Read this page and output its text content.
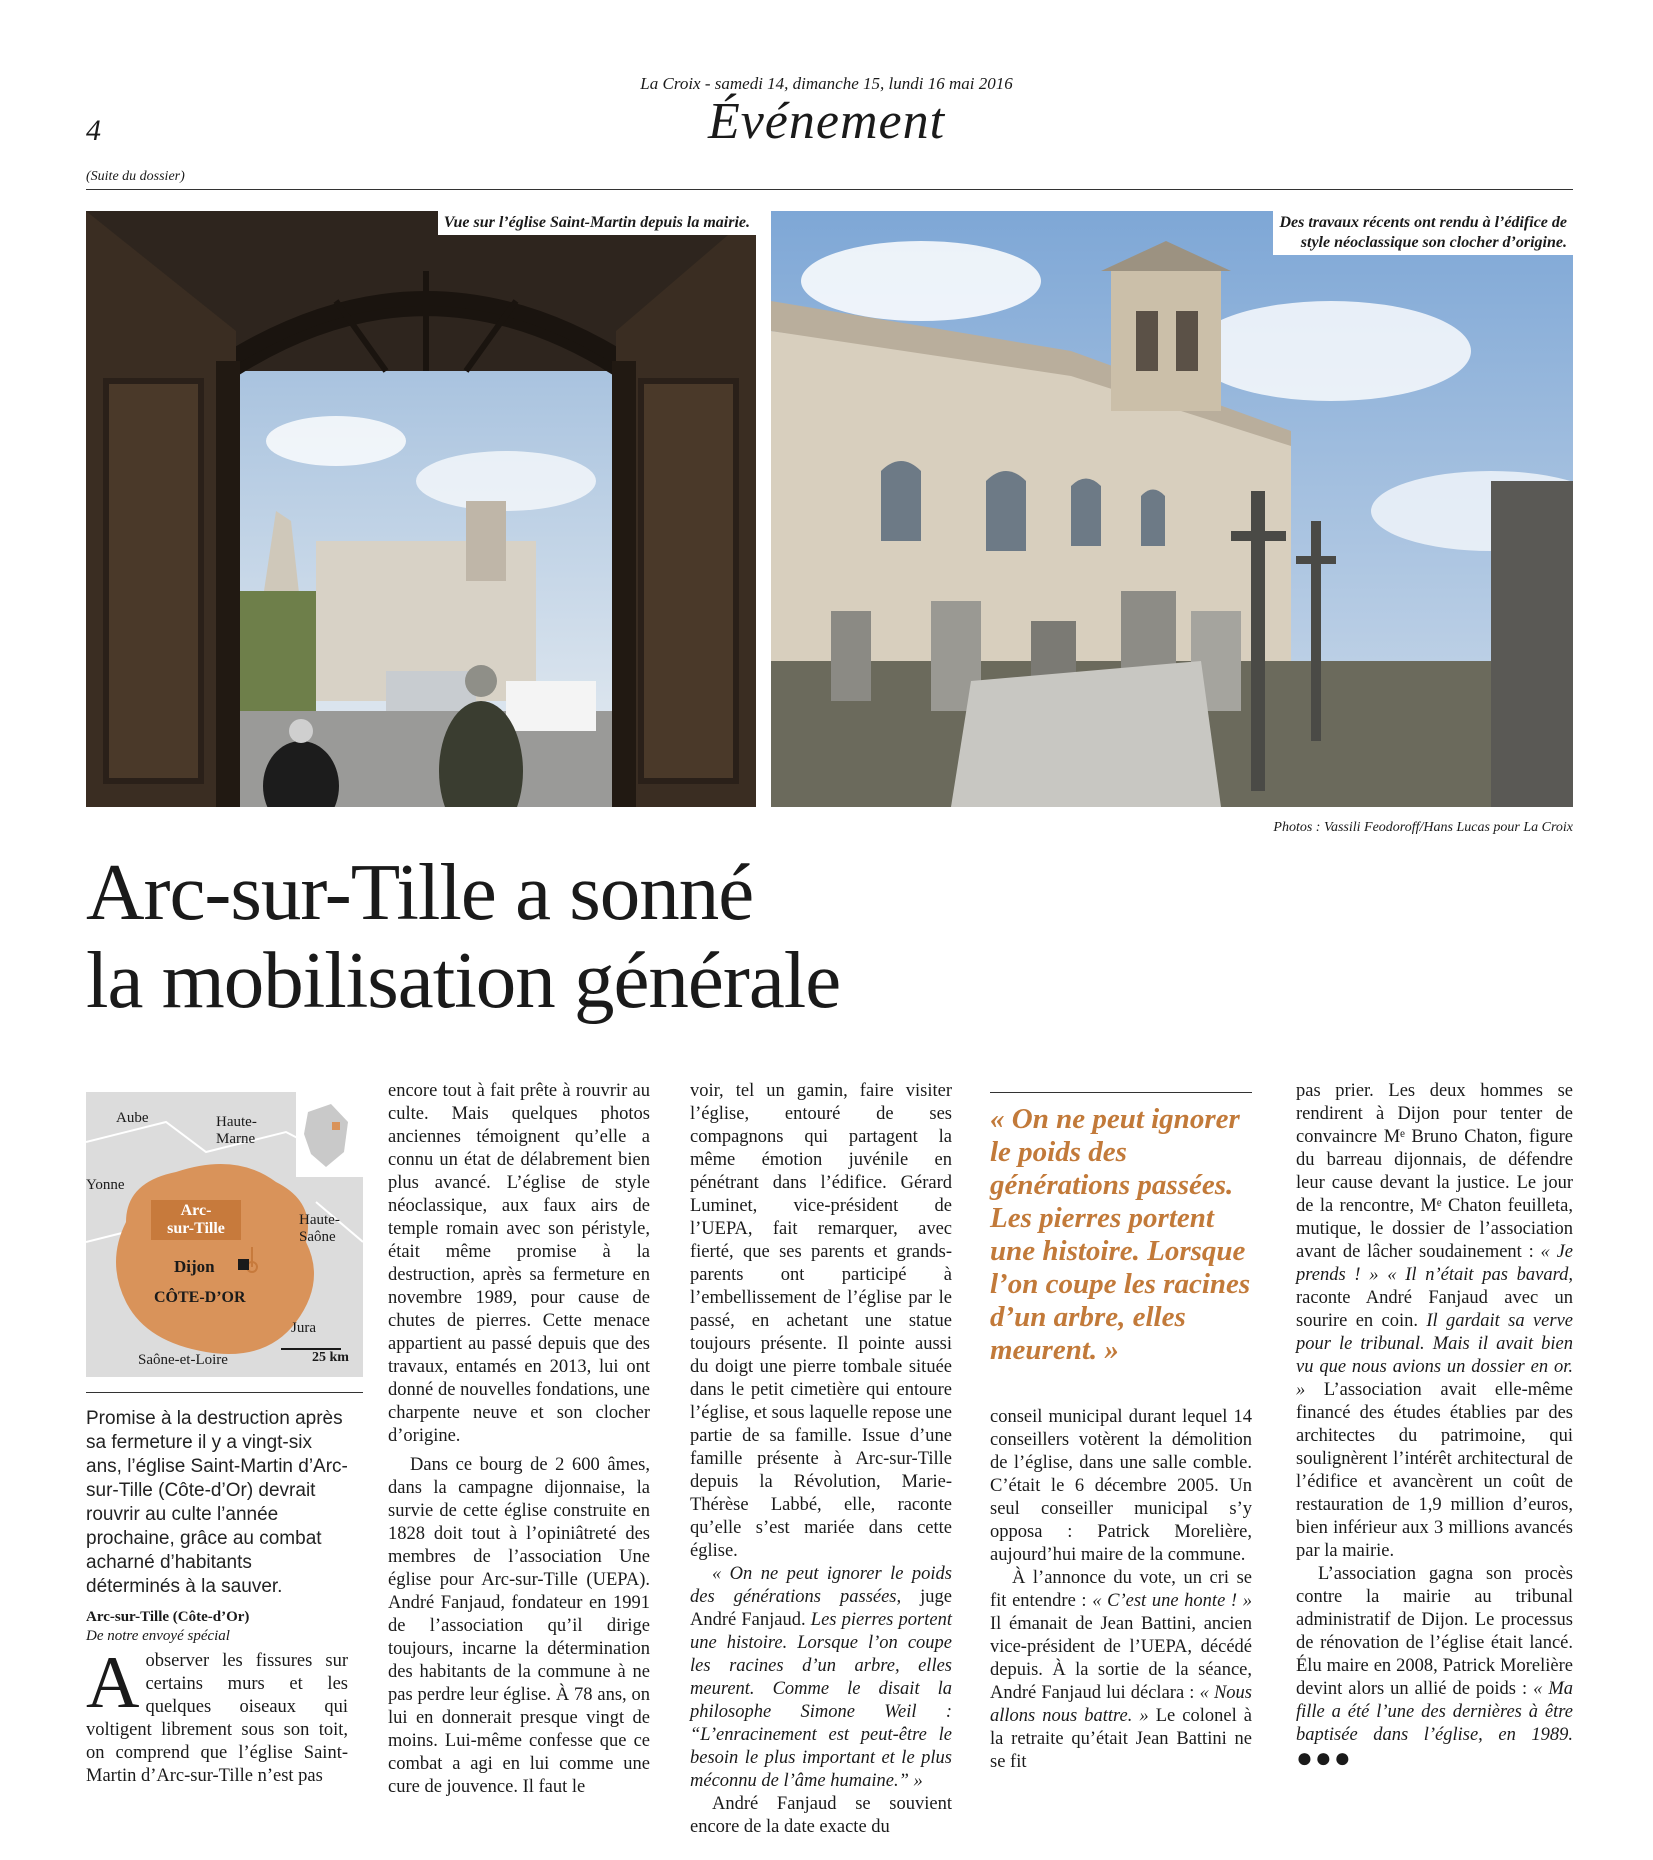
La Croix - samedi 14, dimanche 15, lundi 16 mai 2016
Événement
4
(Suite du dossier)
Vue sur l’église Saint-Martin depuis la mairie.	Des travaux récents ont rendu à l’édifice de
style néoclassique son clocher d’origine.
Photos : Vassili Feodoroff/Hans Lucas pour La Croix
Arc-sur-Tille a sonné
la mobilisation générale
Aube	Haute-
Marne
Yonne
Arc-
sur-Tille	Haute-
Saône
Dijon
CÔTE-D’OR
Jura
Saône-et-Loire	25 km
Promise à la destruction après sa fermeture il y a vingt-six ans, l’église Saint-Martin d’Arc-sur-Tille (Côte-d’Or) devrait rouvrir au culte l’année prochaine, grâce au combat acharné d’habitants déterminés à la sauver.
Arc-sur-Tille (Côte-d’Or)
De notre envoyé spécial

Aobserver les fissures sur certains murs et les quelques oiseaux qui voltigent librement sous son toit, on comprend que l’église Saint-Martin d’Arc-sur-Tille n’est pas

encore tout à fait prête à rouvrir au culte. Mais quelques photos anciennes témoignent qu’elle a connu un état de délabrement bien plus avancé. L’église de style néoclassique, aux faux airs de temple romain avec son péristyle, était même promise à la destruction, après sa fermeture en novembre 1989, pour cause de chutes de pierres. Cette menace appartient au passé depuis que des travaux, entamés en 2013, lui ont donné de nouvelles fondations, une charpente neuve et son clocher d’origine.

Dans ce bourg de 2 600 âmes, dans la campagne dijonnaise, la survie de cette église construite en 1828 doit tout à l’opiniâtreté des membres de l’association Une église pour Arc-sur-Tille (UEPA). André Fanjaud, fondateur en 1991 de l’association qu’il dirige toujours, incarne la détermination des habitants de la commune à ne pas perdre leur église. À 78 ans, on lui en donnerait presque vingt de moins. Lui-même confesse que ce combat a agi en lui comme une cure de jouvence. Il faut le

voir, tel un gamin, faire visiter l’église, entouré de ses compagnons qui partagent la même émotion juvénile en pénétrant dans l’édifice. Gérard Luminet, vice-président de l’UEPA, fait remarquer, avec fierté, que ses parents et grands-parents ont participé à l’embellissement de l’église par le passé, en achetant une statue toujours présente. Il pointe aussi du doigt une pierre tombale située dans le petit cimetière qui entoure l’église, et sous laquelle repose une partie de sa famille. Issue d’une famille présente à Arc-sur-Tille depuis la Révolution, Marie-Thérèse Labbé, elle, raconte qu’elle s’est mariée dans cette église.

« On ne peut ignorer le poids des générations passées, juge André Fanjaud. Les pierres portent une histoire. Lorsque l’on coupe les racines d’un arbre, elles meurent. Comme le disait la philosophe Simone Weil : “L’enracinement est peut-être le besoin le plus important et le plus méconnu de l’âme humaine.” »

André Fanjaud se souvient encore de la date exacte du

« On ne peut ignorer le poids des générations passées. Les pierres portent une histoire. Lorsque l’on coupe les racines d’un arbre, elles meurent. »

conseil municipal durant lequel 14 conseillers votèrent la démolition de l’église, dans une salle comble. C’était le 6 décembre 2005. Un seul conseiller municipal s’y opposa : Patrick Morelière, aujourd’hui maire de la commune.

À l’annonce du vote, un cri se fit entendre : « C’est une honte ! » Il émanait de Jean Battini, ancien vice-président de l’UEPA, décédé depuis. À la sortie de la séance, André Fanjaud lui déclara : « Nous allons nous battre. » Le colonel à la retraite qu’était Jean Battini ne se fit

pas prier. Les deux hommes se rendirent à Dijon pour tenter de convaincre Mᵉ Bruno Chaton, figure du barreau dijonnais, de défendre leur cause devant la justice. Le jour de la rencontre, Mᵉ Chaton feuilleta, mutique, le dossier de l’association avant de lâcher soudainement : « Je prends ! » « Il n’était pas bavard, raconte André Fanjaud avec un sourire en coin. Il gardait sa verve pour le tribunal. Mais il avait bien vu que nous avions un dossier en or. » L’association avait elle-même financé des études établies par des architectes du patrimoine, qui soulignèrent l’intérêt architectural de l’édifice et avancèrent un coût de restauration de 1,9 million d’euros, bien inférieur aux 3 millions avancés par la mairie.

L’association gagna son procès contre la mairie au tribunal administratif de Dijon. Le processus de rénovation de l’église était lancé. Élu maire en 2008, Patrick Morelière devint alors un allié de poids : « Ma fille a été l’une des dernières à être baptisée dans l’église, en 1989. ●●●
